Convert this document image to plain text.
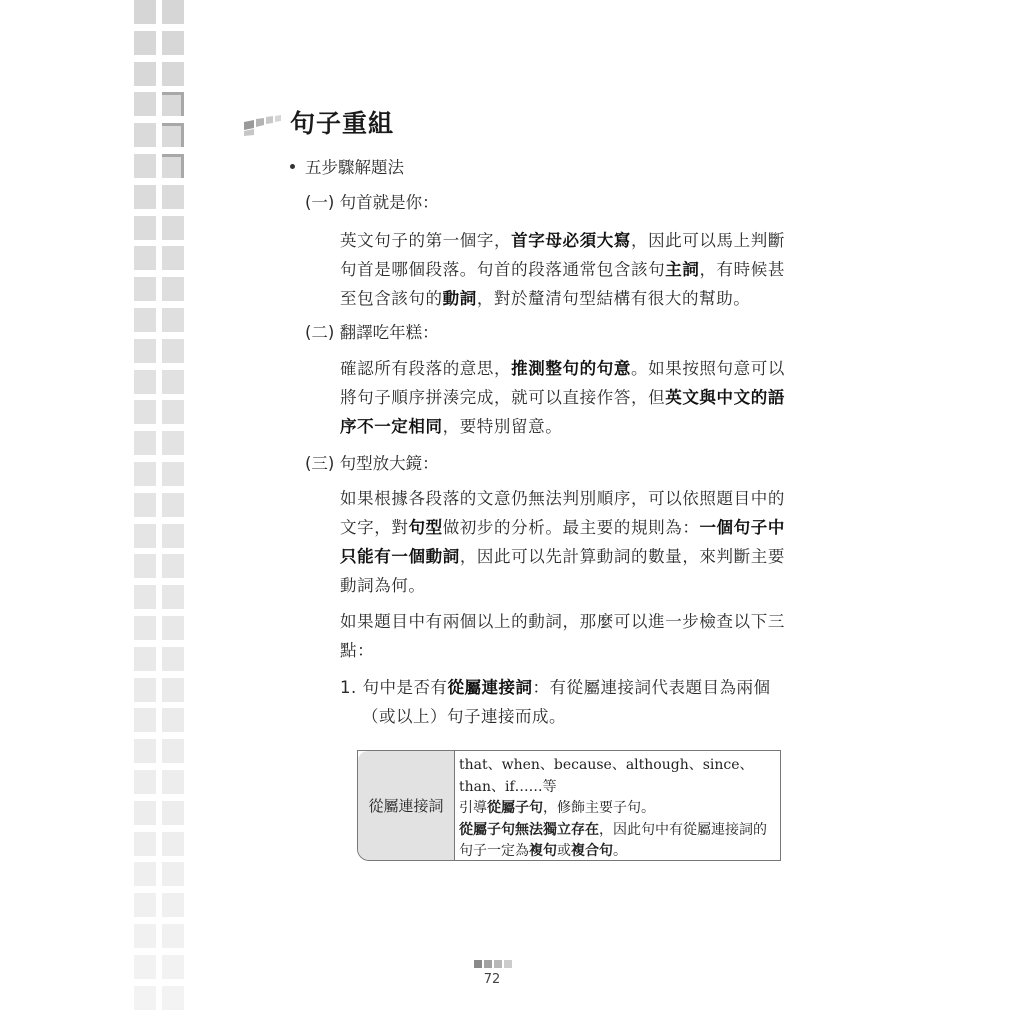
句子重組
五步驟解題法
(一) 句首就是你：
英文句子的第一個字，首字母必須大寫，因此可以馬上判斷句首是哪個段落。句首的段落通常包含該句主詞，有時候甚至包含該句的動詞，對於釐清句型結構有很大的幫助。
(二) 翻譯吃年糕：
確認所有段落的意思，推測整句的句意。如果按照句意可以將句子順序拼湊完成，就可以直接作答，但英文與中文的語序不一定相同，要特別留意。
(三) 句型放大鏡：
如果根據各段落的文意仍無法判別順序，可以依照題目中的文字，對句型做初步的分析。最主要的規則為：一個句子中只能有一個動詞，因此可以先計算動詞的數量，來判斷主要動詞為何。
如果題目中有兩個以上的動詞，那麼可以進一步檢查以下三點：
1. 句中是否有從屬連接詞：有從屬連接詞代表題目為兩個（或以上）句子連接而成。
從屬連接詞
that、when、because、although、since、than、if……等
引導從屬子句，修飾主要子句。
從屬子句無法獨立存在，因此句中有從屬連接詞的句子一定為複句或複合句。
72
